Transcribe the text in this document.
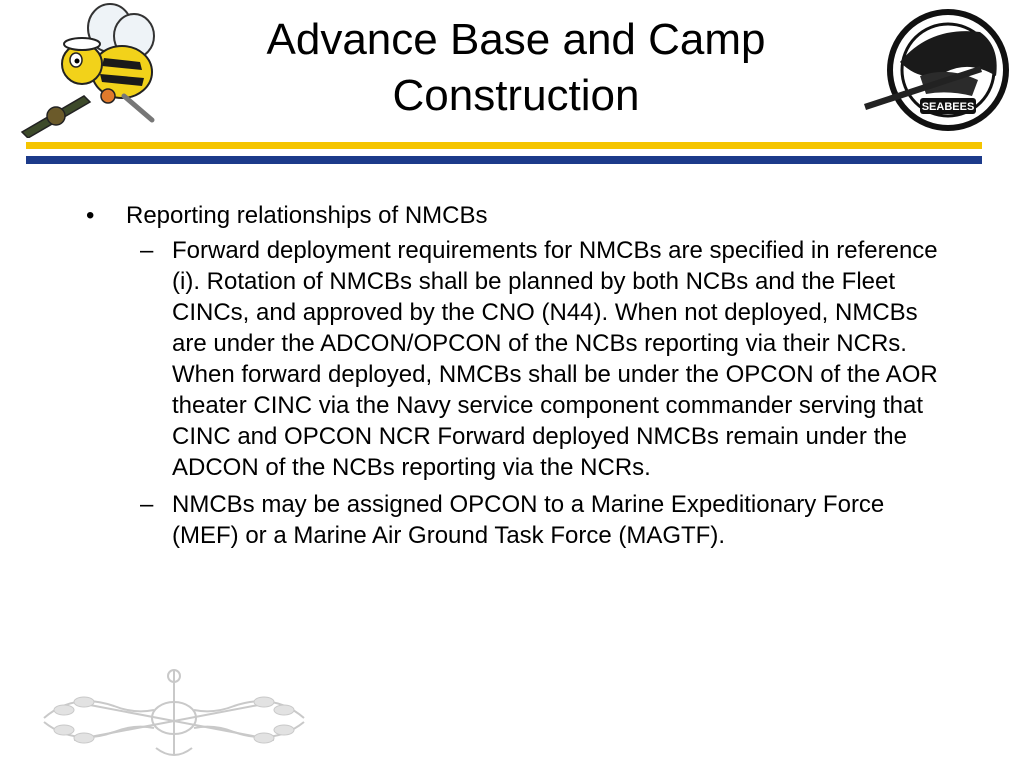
Advance Base and Camp
Construction	SEABEES
• Reporting relationships of NMCBs
– Forward deployment requirements for NMCBs are specified in reference (i). Rotation of NMCBs shall be planned by both NCBs and the Fleet CINCs, and approved by the CNO (N44). When not deployed, NMCBs are under the ADCON/OPCON of the NCBs reporting via their NCRs. When forward deployed, NMCBs shall be under the OPCON of the AOR theater CINC via the Navy service component commander serving that CINC and OPCON NCR Forward deployed NMCBs remain under the ADCON of the NCBs reporting via the NCRs.
– NMCBs may be assigned OPCON to a Marine Expeditionary Force (MEF) or a Marine Air Ground Task Force (MAGTF).
